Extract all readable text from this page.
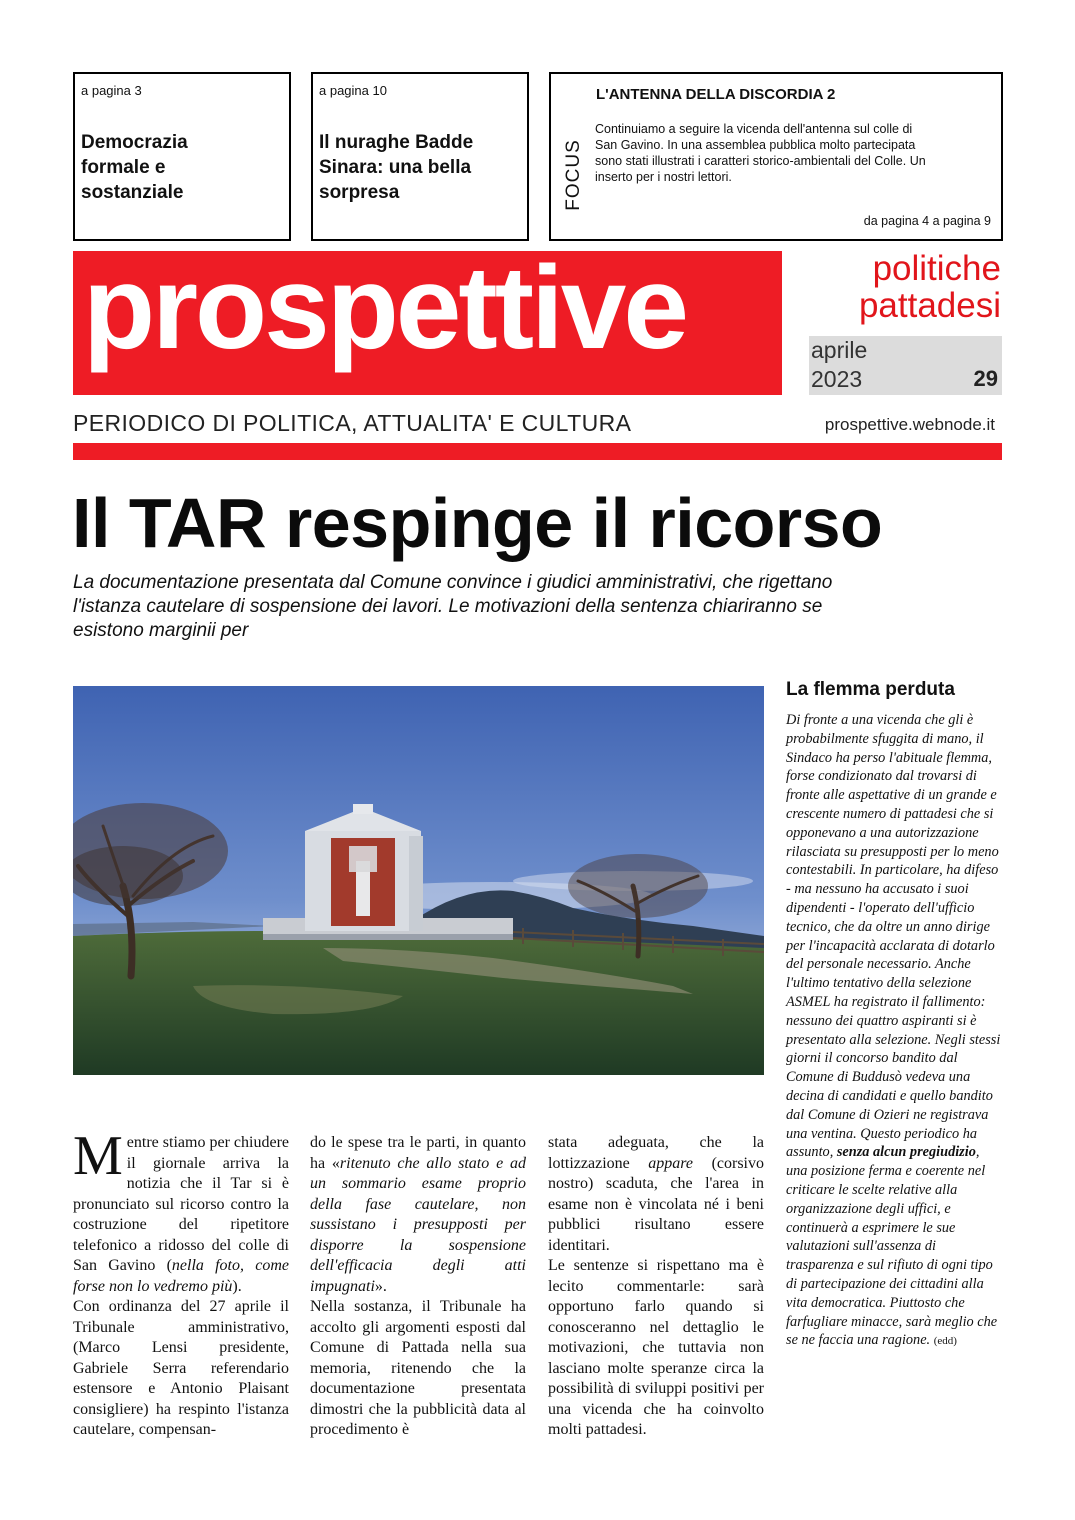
a pagina 3
Democrazia
formale e
sostanziale
a pagina 10
Il nuraghe Badde
Sinara: una bella
sorpresa	FOCUS
L'ANTENNA DELLA DISCORDIA 2
Continuiamo a seguire la vicenda dell'antenna sul colle di
San Gavino. In una assemblea pubblica molto partecipata
sono stati illustrati i caratteri storico-ambientali del Colle. Un
inserto per i nostri lettori.
da pagina 4 a pagina 9
prospettive	politiche
pattadesi
aprile
2023	29
PERIODICO DI POLITICA, ATTUALITA' E CULTURA	prospettive.webnode.it
Il TAR respinge il ricorso
La documentazione presentata dal Comune convince i giudici amministrativi, che rigettano
l'istanza cautelare di sospensione dei lavori. Le motivazioni della sentenza chiariranno se
esistono marginii per

Mentre stiamo per chiudere il giornale arriva la notizia che il Tar si è pronunciato sul ricorso contro la costruzione del ripetitore telefonico a ridosso del colle di San Gavino (nella foto, come forse non lo vedremo più).

Con ordinanza del 27 aprile il Tribunale amministrativo, (Marco Lensi presidente, Gabriele Serra referendario estensore e Antonio Plaisant consigliere) ha respinto l'istanza cautelare, compensan-

do le spese tra le parti, in quanto ha «ritenuto che allo stato e ad un sommario esame proprio della fase cautelare, non sussistano i presupposti per disporre la sospensione dell'efficacia degli atti impugnati».

Nella sostanza, il Tribunale ha accolto gli argomenti esposti dal Comune di Pattada nella sua memoria, ritenendo che la documentazione presentata dimostri che la pubblicità data al procedimento è

stata adeguata, che la lottizzazione appare (corsivo nostro) scaduta, che l'area in esame non è vincolata né i beni pubblici risultano essere identitari.

Le sentenze si rispettano ma è lecito commentarle: sarà opportuno farlo quando si conosceranno nel dettaglio le motivazioni, che tuttavia non lasciano molte speranze circa la possibilità di sviluppi positivi per una vicenda che ha coinvolto molti pattadesi.

La flemma perduta
Di fronte a una vicenda che gli è probabilmente sfuggita di mano, il Sindaco ha perso l'abituale flemma, forse condizionato dal trovarsi di fronte alle aspettative di un grande e crescente numero di pattadesi che si opponevano a una autorizzazione rilasciata su presupposti per lo meno contestabili. In particolare, ha difeso - ma nessuno ha accusato i suoi dipendenti - l'operato dell'ufficio tecnico, che da oltre un anno dirige per l'incapacità acclarata di dotarlo del personale necessario. Anche l'ultimo tentativo della selezione ASMEL ha registrato il fallimento: nessuno dei quattro aspiranti si è presentato alla selezione. Negli stessi giorni il concorso bandito dal Comune di Buddusò vedeva una decina di candidati e quello bandito dal Comune di Ozieri ne registrava una ventina. Questo periodico ha assunto, senza alcun pregiudizio, una posizione ferma e coerente nel criticare le scelte relative alla organizzazione degli uffici, e continuerà a esprimere le sue valutazioni sull'assenza di trasparenza e sul rifiuto di ogni tipo di partecipazione dei cittadini alla vita democratica. Piuttosto che farfugliare minacce, sarà meglio che se ne faccia una ragione. (edd)
